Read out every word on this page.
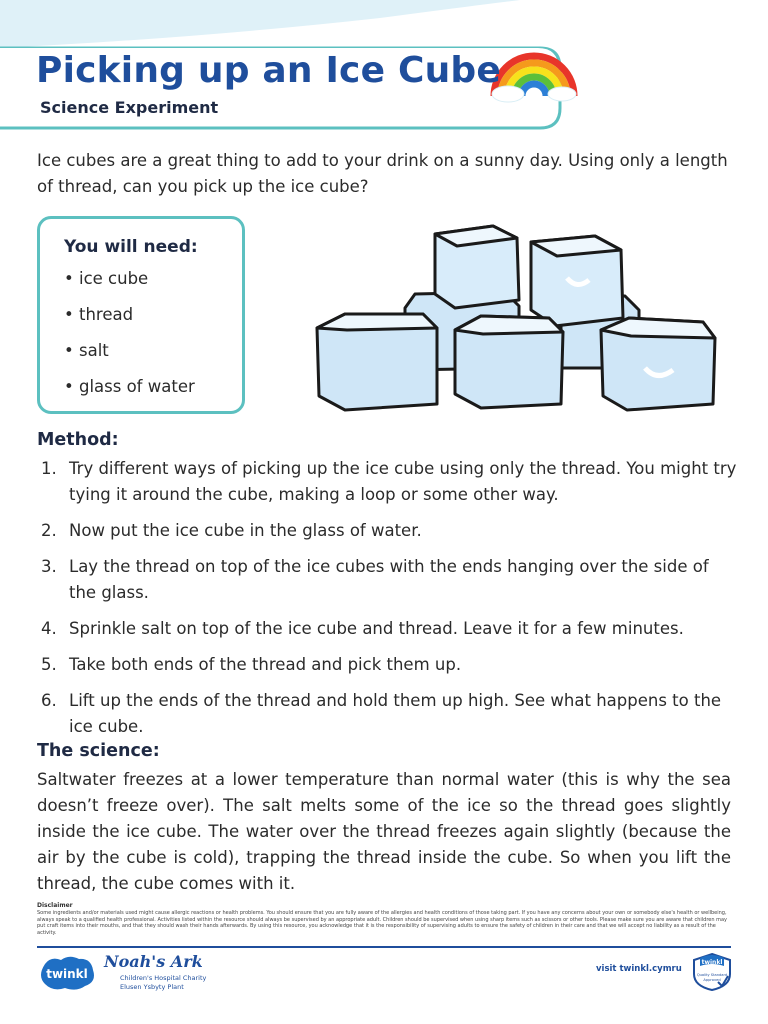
Picking up an Ice Cube
Science Experiment

Ice cubes are a great thing to add to your drink on a sunny day. Using only a length of thread, can you pick up the ice cube?

You will need:
• ice cube
• thread
• salt
• glass of water
Method:
1. Try different ways of picking up the ice cube using only the thread. You might try tying it around the cube, making a loop or some other way.
2. Now put the ice cube in the glass of water.
3. Lay the thread on top of the ice cubes with the ends hanging over the side of the glass.
4. Sprinkle salt on top of the ice cube and thread. Leave it for a few minutes.
5. Take both ends of the thread and pick them up.
6. Lift up the ends of the thread and hold them up high. See what happens to the ice cube.
The science:

Saltwater freezes at a lower temperature than normal water (this is why the sea doesn’t freeze over). The salt melts some of the ice so the thread goes slightly inside the ice cube. The water over the thread freezes again slightly (because the air by the cube is cold), trapping the thread inside the cube. So when you lift the thread, the cube comes with it.

Disclaimer

Some ingredients and/or materials used might cause allergic reactions or health problems. You should ensure that you are fully aware of the allergies and health conditions of those taking part. If you have any concerns about your own or somebody else's health or wellbeing, always speak to a qualified health professional. Activities listed within the resource should always be supervised by an appropriate adult. Children should be supervised when using sharp items such as scissors or other tools. Please make sure you are aware that children may put craft items into their mouths, and that they should wash their hands afterwards. By using this resource, you acknowledge that it is the responsibility of supervising adults to ensure the safety of children in their care and that we will accept no liability as a result of the activity.

twinkl
Noah's Ark
Children's Hospital Charity
Elusen Ysbyty Plant
visit twinkl.cymru
twinkl
Quality Standard
Approved
